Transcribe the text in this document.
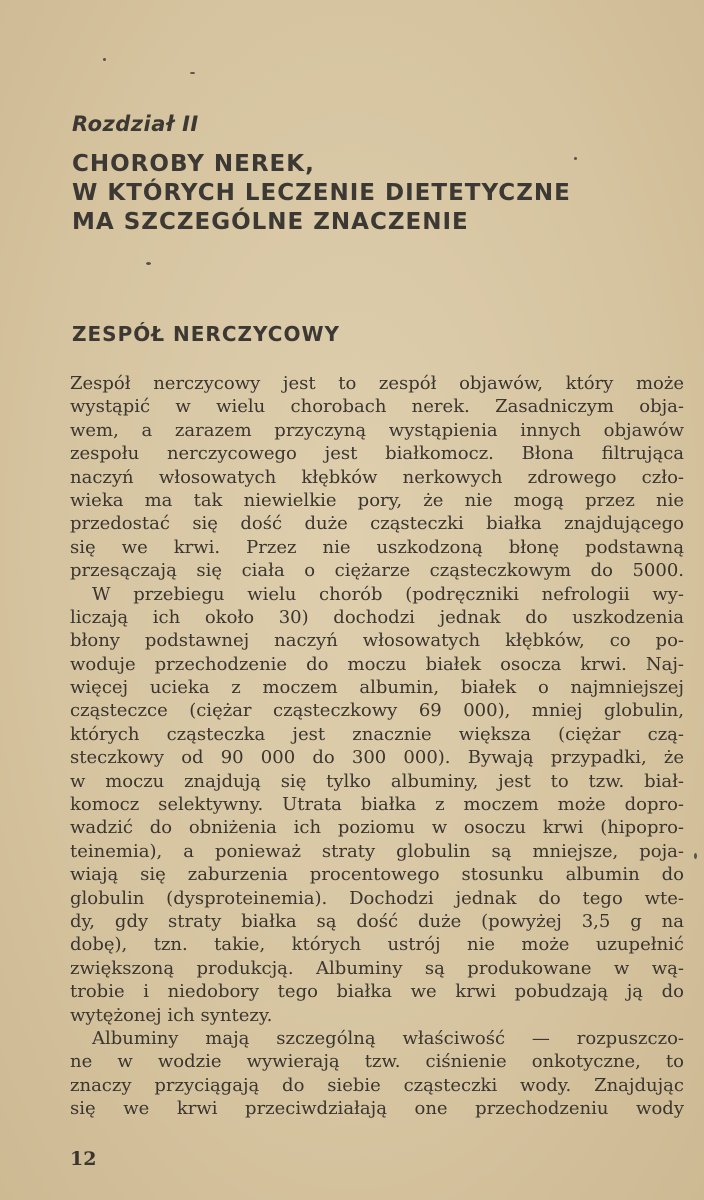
Rozdział II
CHOROBY NEREK,
W KTÓRYCH LECZENIE DIETETYCZNE
MA SZCZEGÓLNE ZNACZENIE
ZESPÓŁ NERCZYCOWY
Zespół nerczycowy jest to zespół objawów, który może
wystąpić w wielu chorobach nerek. Zasadniczym obja-
wem, a zarazem przyczyną wystąpienia innych objawów
zespołu nerczycowego jest białkomocz. Błona filtrująca
naczyń włosowatych kłębków nerkowych zdrowego czło-
wieka ma tak niewielkie pory, że nie mogą przez nie
przedostać się dość duże cząsteczki białka znajdującego
się we krwi. Przez nie uszkodzoną błonę podstawną
przesączają się ciała o ciężarze cząsteczkowym do 5000.
W przebiegu wielu chorób (podręczniki nefrologii wy-
liczają ich około 30) dochodzi jednak do uszkodzenia
błony podstawnej naczyń włosowatych kłębków, co po-
woduje przechodzenie do moczu białek osocza krwi. Naj-
więcej ucieka z moczem albumin, białek o najmniejszej
cząsteczce (ciężar cząsteczkowy 69 000), mniej globulin,
których cząsteczka jest znacznie większa (ciężar czą-
steczkowy od 90 000 do 300 000). Bywają przypadki, że
w moczu znajdują się tylko albuminy, jest to tzw. biał-
komocz selektywny. Utrata białka z moczem może dopro-
wadzić do obniżenia ich poziomu w osoczu krwi (hipopro-
teinemia), a ponieważ straty globulin są mniejsze, poja-
wiają się zaburzenia procentowego stosunku albumin do
globulin (dysproteinemia). Dochodzi jednak do tego wte-
dy, gdy straty białka są dość duże (powyżej 3,5 g na
dobę), tzn. takie, których ustrój nie może uzupełnić
zwiększoną produkcją. Albuminy są produkowane w wą-
trobie i niedobory tego białka we krwi pobudzają ją do
wytężonej ich syntezy.
Albuminy mają szczególną właściwość — rozpuszczo-
ne w wodzie wywierają tzw. ciśnienie onkotyczne, to
znaczy przyciągają do siebie cząsteczki wody. Znajdując
się we krwi przeciwdziałają one przechodzeniu wody
12
